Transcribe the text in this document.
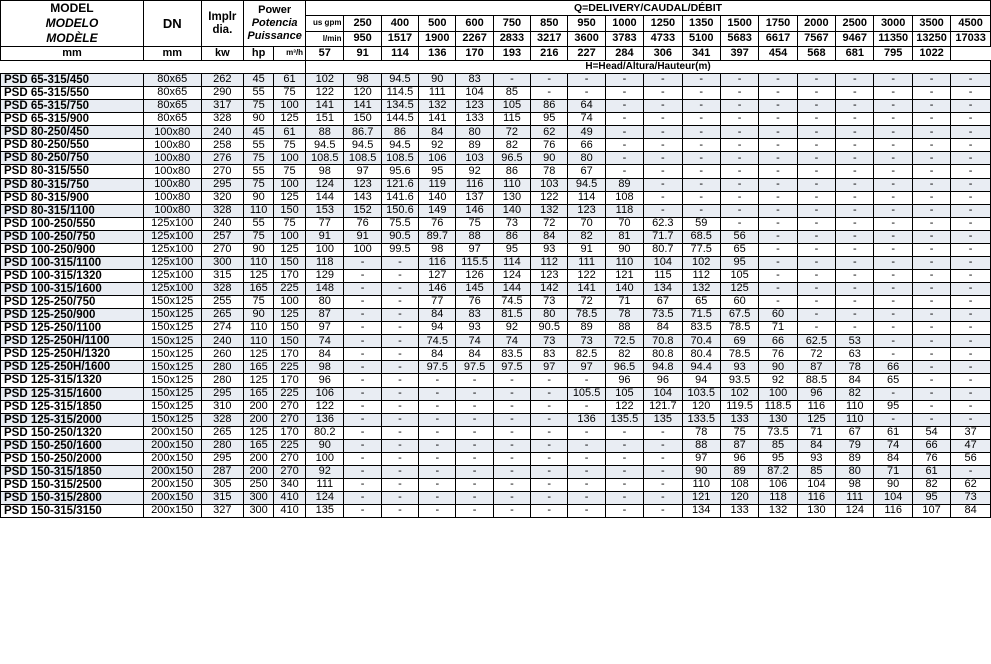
MODEL
MODELO
MODÈLE
	DN	Implr
dia.

Power
Potencia
Puissance
	Q=DELIVERY/CAUDAL/DÉBIT
					us gpm	250	400	500	600	750	850	950	1000	1250	1350	1500	1750	2000	2500	3000	3500	4500
					l/min	950	1517	1900	2267	2833	3217	3600	3783	4733	5100	5683	6617	7567	9467	11350	13250	17033
mm	mm	kw	hp	m³/h	57	91	114	136	170	193	216	227	284	306	341	397	454	568	681	795	1022	
					H=Head/Altura/Hauteur(m)																	
PSD 65-315/450	80x65	262	45	61	102	98	94.5	90	83	-	-	-	-	-	-	-	-	-	-	-	-	-
PSD 65-315/550	80x65	290	55	75	122	120	114.5	111	104	85	-	-	-	-	-	-	-	-	-	-	-	-
PSD 65-315/750	80x65	317	75	100	141	141	134.5	132	123	105	86	64	-	-	-	-	-	-	-	-	-	-
PSD 65-315/900	80x65	328	90	125	151	150	144.5	141	133	115	95	74	-	-	-	-	-	-	-	-	-	-
PSD 80-250/450	100x80	240	45	61	88	86.7	86	84	80	72	62	49	-	-	-	-	-	-	-	-	-	-
PSD 80-250/550	100x80	258	55	75	94.5	94.5	94.5	92	89	82	76	66	-	-	-	-	-	-	-	-	-	-
PSD 80-250/750	100x80	276	75	100	108.5	108.5	108.5	106	103	96.5	90	80	-	-	-	-	-	-	-	-	-	-
PSD 80-315/550	100x80	270	55	75	98	97	95.6	95	92	86	78	67	-	-	-	-	-	-	-	-	-	-
PSD 80-315/750	100x80	295	75	100	124	123	121.6	119	116	110	103	94.5	89	-	-	-	-	-	-	-	-	-
PSD 80-315/900	100x80	320	90	125	144	143	141.6	140	137	130	122	114	108	-	-	-	-	-	-	-	-	-
PSD 80-315/1100	100x80	328	110	150	153	152	150.6	149	146	140	132	123	118	-	-	-	-	-	-	-	-	-
PSD 100-250/550	125x100	240	55	75	77	76	75.5	76	75	73	72	70	70	62.3	59	-	-	-	-	-	-	-
PSD 100-250/750	125x100	257	75	100	91	91	90.5	89.7	88	86	84	82	81	71.7	68.5	56	-	-	-	-	-	-
PSD 100-250/900	125x100	270	90	125	100	100	99.5	98	97	95	93	91	90	80.7	77.5	65	-	-	-	-	-	-
PSD 100-315/1100	125x100	300	110	150	118	-	-	116	115.5	114	112	111	110	104	102	95	-	-	-	-	-	-
PSD 100-315/1320	125x100	315	125	170	129	-	-	127	126	124	123	122	121	115	112	105	-	-	-	-	-	-
PSD 100-315/1600	125x100	328	165	225	148	-	-	146	145	144	142	141	140	134	132	125	-	-	-	-	-	-
PSD 125-250/750	150x125	255	75	100	80	-	-	77	76	74.5	73	72	71	67	65	60	-	-	-	-	-	-
PSD 125-250/900	150x125	265	90	125	87	-	-	84	83	81.5	80	78.5	78	73.5	71.5	67.5	60	-	-	-	-	-
PSD 125-250/1100	150x125	274	110	150	97	-	-	94	93	92	90.5	89	88	84	83.5	78.5	71	-	-	-	-	-
PSD 125-250H/1100	150x125	240	110	150	74	-	-	74.5	74	74	73	73	72.5	70.8	70.4	69	66	62.5	53	-	-	-
PSD 125-250H/1320	150x125	260	125	170	84	-	-	84	84	83.5	83	82.5	82	80.8	80.4	78.5	76	72	63	-	-	-
PSD 125-250H/1600	150x125	280	165	225	98	-	-	97.5	97.5	97.5	97	97	96.5	94.8	94.4	93	90	87	78	66	-	-
PSD 125-315/1320	150x125	280	125	170	96	-	-	-	-	-	-	-	96	96	94	93.5	92	88.5	84	65	-	-
PSD 125-315/1600	150x125	295	165	225	106	-	-	-	-	-	-	105.5	105	104	103.5	102	100	96	82	-	-	-
PSD 125-315/1850	150x125	310	200	270	122	-	-	-	-	-	-	-	122	121.7	120	119.5	118.5	116	110	95	-	-
PSD 125-315/2000	150x125	328	200	270	136	-	-	-	-	-	-	136	135.5	135	133.5	133	130	125	110	-	-	-
PSD 150-250/1320	200x150	265	125	170	80.2	-	-	-	-	-	-	-	-	-	78	75	73.5	71	67	61	54	37
PSD 150-250/1600	200x150	280	165	225	90	-	-	-	-	-	-	-	-	-	88	87	85	84	79	74	66	47
PSD 150-250/2000	200x150	295	200	270	100	-	-	-	-	-	-	-	-	-	97	96	95	93	89	84	76	56
PSD 150-315/1850	200x150	287	200	270	92	-	-	-	-	-	-	-	-	-	90	89	87.2	85	80	71	61	-
PSD 150-315/2500	200x150	305	250	340	111	-	-	-	-	-	-	-	-	-	110	108	106	104	98	90	82	62
PSD 150-315/2800	200x150	315	300	410	124	-	-	-	-	-	-	-	-	-	121	120	118	116	111	104	95	73
PSD 150-315/3150	200x150	327	300	410	135	-	-	-	-	-	-	-	-	-	134	133	132	130	124	116	107	84
